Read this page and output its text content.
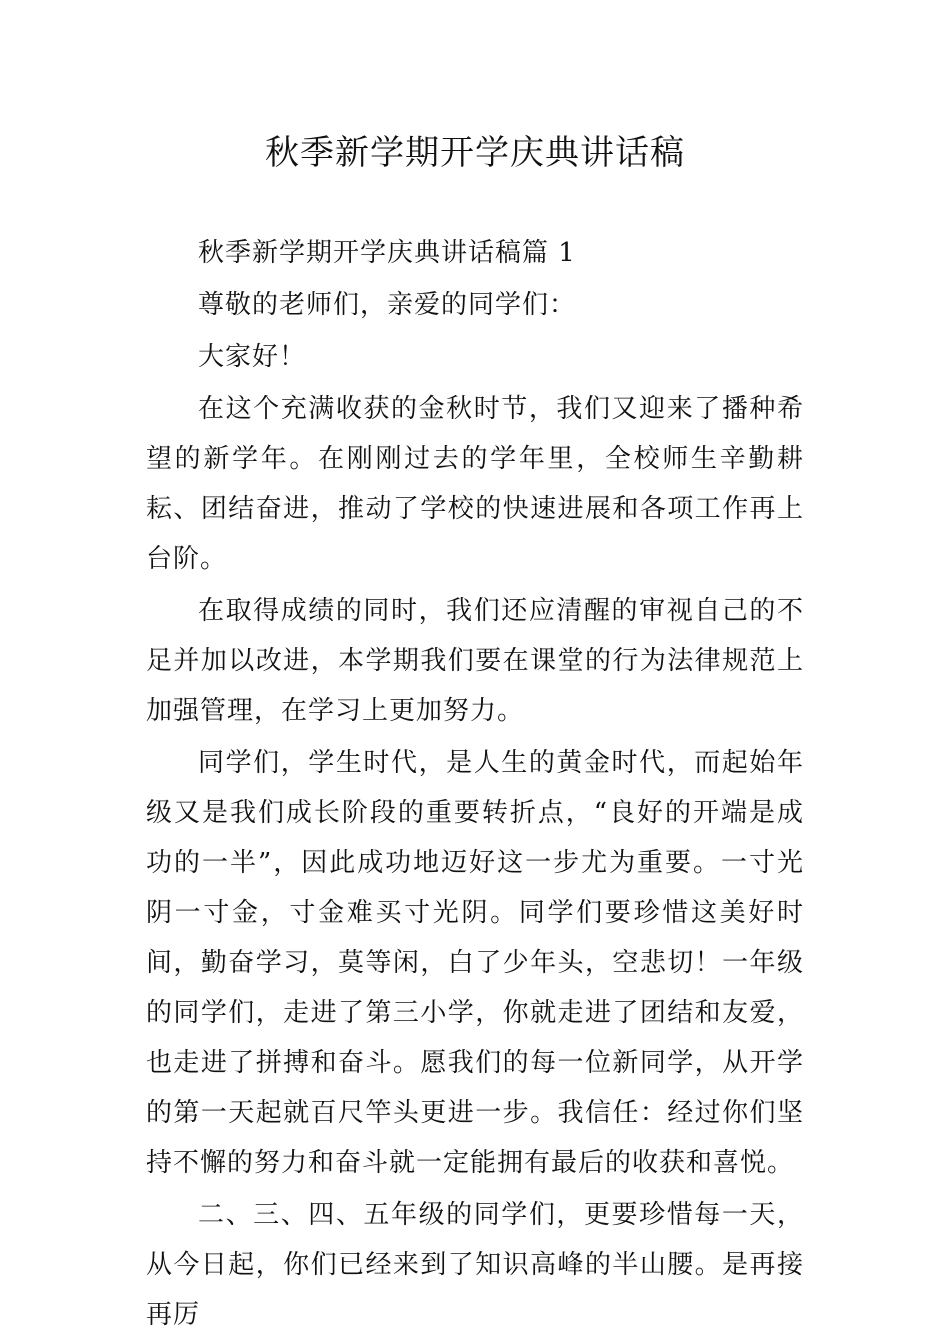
秋季新学期开学庆典讲话稿

秋季新学期开学庆典讲话稿篇 1

尊敬的老师们，亲爱的同学们：

大家好！

在这个充满收获的金秋时节，我们又迎来了播种希望的新学年。在刚刚过去的学年里，全校师生辛勤耕耘、团结奋进，推动了学校的快速进展和各项工作再上台阶。

在取得成绩的同时，我们还应清醒的审视自己的不足并加以改进，本学期我们要在课堂的行为法律规范上加强管理，在学习上更加努力。

同学们，学生时代，是人生的黄金时代，而起始年级又是我们成长阶段的重要转折点，“良好的开端是成功的一半”，因此成功地迈好这一步尤为重要。一寸光阴一寸金，寸金难买寸光阴。同学们要珍惜这美好时间，勤奋学习，莫等闲，白了少年头，空悲切！一年级的同学们，走进了第三小学，你就走进了团结和友爱，也走进了拼搏和奋斗。愿我们的每一位新同学，从开学的第一天起就百尺竿头更进一步。我信任：经过你们坚持不懈的努力和奋斗就一定能拥有最后的收获和喜悦。

二、三、四、五年级的同学们，更要珍惜每一天，从今日起，你们已经来到了知识高峰的半山腰。是再接再厉
